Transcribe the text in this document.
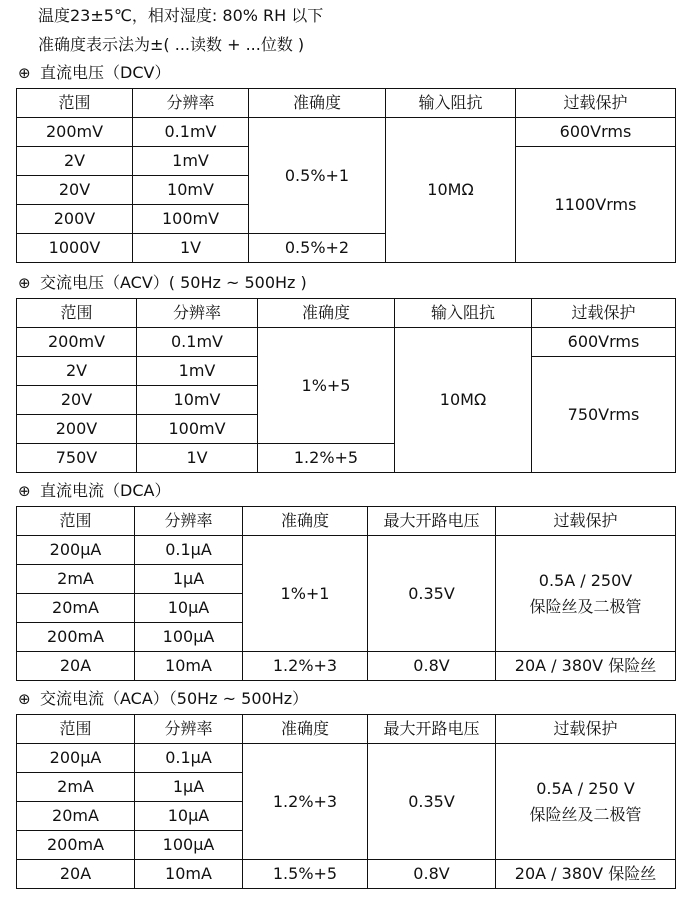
温度23±5℃，相对湿度: 80% RH 以下
准确度表示法为±( ...读数 + ...位数 )
⊕ 直流电压（DCV）
范围	分辨率	准确度	输入阻抗	过载保护
200mV	0.1mV	0.5%+1	10MΩ	600Vrms
2V	1mV			1100Vrms
20V	10mV			
200V	100mV			
1000V	1V	0.5%+2		
⊕ 交流电压（ACV）( 50Hz ~ 500Hz )
范围	分辨率	准确度	输入阻抗	过载保护
200mV	0.1mV	1%+5	10MΩ	600Vrms
2V	1mV			750Vrms
20V	10mV			
200V	100mV			
750V	1V	1.2%+5		
⊕ 直流电流（DCA）
范围	分辨率	准确度	最大开路电压	过载保护
200μA	0.1μA	1%+1	0.35V	0.5A / 250V
保险丝及二极管

2mA	1μA			
20mA	10μA			
200mA	100μA			
20A	10mA	1.2%+3	0.8V	20A / 380V 保险丝
⊕ 交流电流（ACA）（50Hz ~ 500Hz）
范围	分辨率	准确度	最大开路电压	过载保护
200μA	0.1μA	1.2%+3	0.35V	0.5A / 250 V
保险丝及二极管

2mA	1μA			
20mA	10μA			
200mA	100μA			
20A	10mA	1.5%+5	0.8V	20A / 380V 保险丝
